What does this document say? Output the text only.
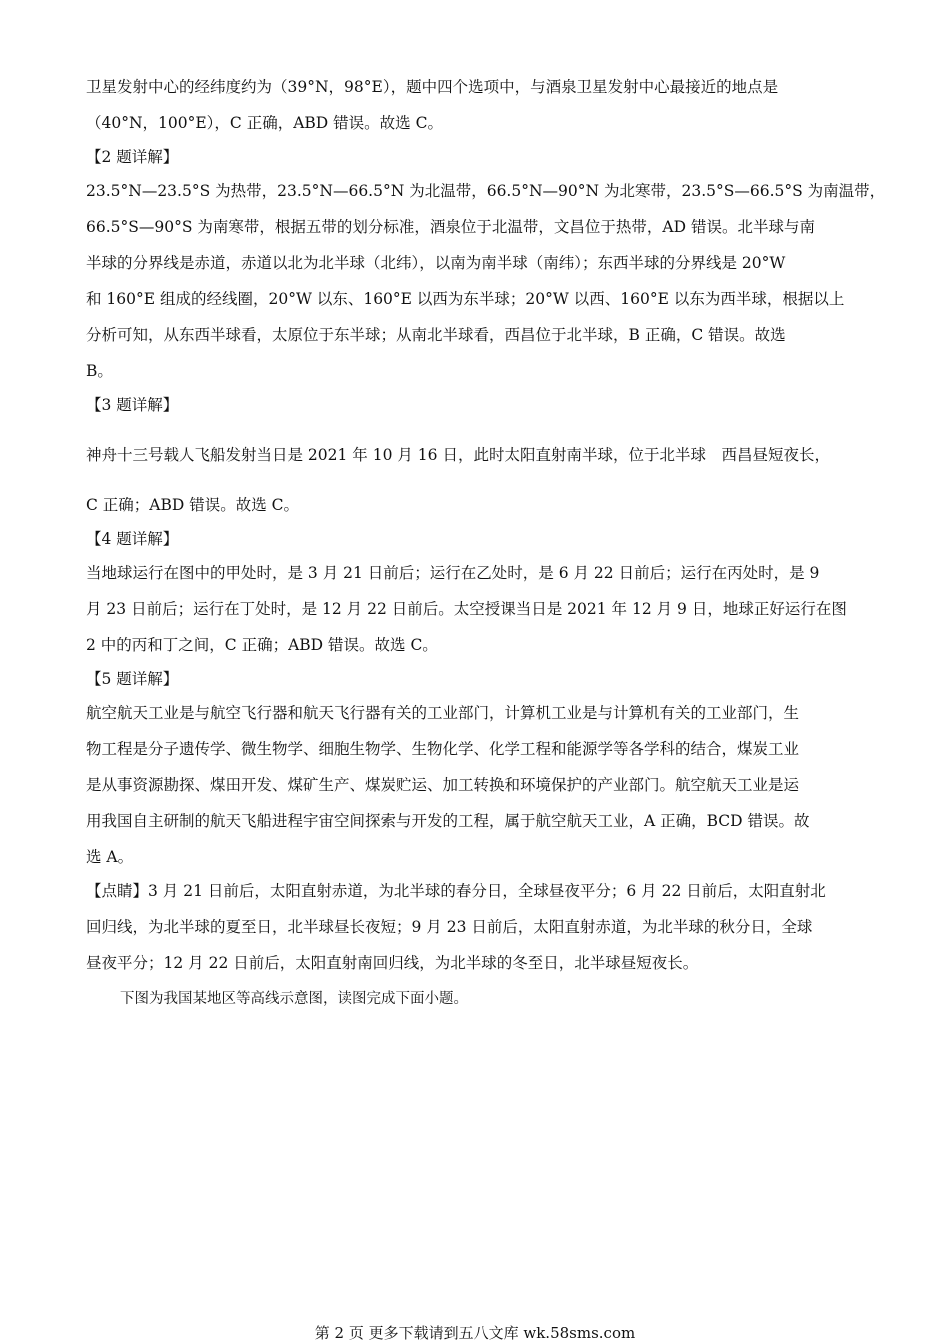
卫星发射中心的经纬度约为（39°N，98°E），题中四个选项中，与酒泉卫星发射中心最接近的地点是

（40°N，100°E），C 正确，ABD 错误。故选 C。

【2 题详解】

23.5°N—23.5°S 为热带，23.5°N—66.5°N 为北温带，66.5°N—90°N 为北寒带，23.5°S—66.5°S 为南温带，

66.5°S—90°S 为南寒带，根据五带的划分标准，酒泉位于北温带，文昌位于热带，AD 错误。北半球与南

半球的分界线是赤道，赤道以北为北半球（北纬），以南为南半球（南纬）；东西半球的分界线是 20°W

和 160°E 组成的经线圈，20°W 以东、160°E 以西为东半球；20°W 以西、160°E 以东为西半球，根据以上

分析可知，从东西半球看，太原位于东半球；从南北半球看，西昌位于北半球，B 正确，C 错误。故选

B。

【3 题详解】

神舟十三号载人飞船发射当日是 2021 年 10 月 16 日，此时太阳直射南半球，位于北半球　西昌昼短夜长，

C 正确；ABD 错误。故选 C。

【4 题详解】

当地球运行在图中的甲处时，是 3 月 21 日前后；运行在乙处时，是 6 月 22 日前后；运行在丙处时，是 9

月 23 日前后；运行在丁处时，是 12 月 22 日前后。太空授课当日是 2021 年 12 月 9 日，地球正好运行在图

2 中的丙和丁之间，C 正确；ABD 错误。故选 C。

【5 题详解】

航空航天工业是与航空飞行器和航天飞行器有关的工业部门，计算机工业是与计算机有关的工业部门，生

物工程是分子遗传学、微生物学、细胞生物学、生物化学、化学工程和能源学等各学科的结合，煤炭工业

是从事资源勘探、煤田开发、煤矿生产、煤炭贮运、加工转换和环境保护的产业部门。航空航天工业是运

用我国自主研制的航天飞船进程宇宙空间探索与开发的工程，属于航空航天工业，A 正确，BCD 错误。故

选 A。

【点睛】3 月 21 日前后，太阳直射赤道，为北半球的春分日，全球昼夜平分；6 月 22 日前后，太阳直射北

回归线，为北半球的夏至日，北半球昼长夜短；9 月 23 日前后，太阳直射赤道，为北半球的秋分日，全球

昼夜平分；12 月 22 日前后，太阳直射南回归线，为北半球的冬至日，北半球昼短夜长。

下图为我国某地区等高线示意图，读图完成下面小题。

第 2 页 更多下载请到五八文库 wk.58sms.com
